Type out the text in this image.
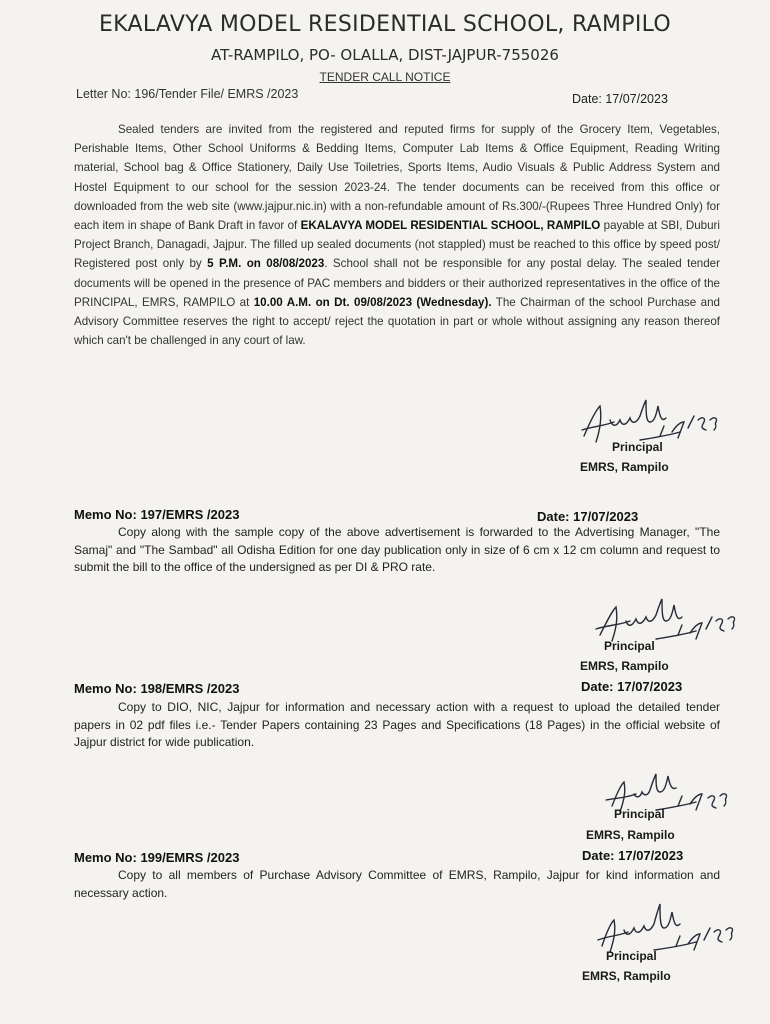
EKALAVYA MODEL RESIDENTIAL SCHOOL, RAMPILO
AT-RAMPILO, PO- OLALLA, DIST-JAJPUR-755026
TENDER CALL NOTICE
Letter No: 196/Tender File/ EMRS /2023	Date: 17/07/2023

Sealed tenders are invited from the registered and reputed firms for supply of the Grocery Item, Vegetables, Perishable Items, Other School Uniforms & Bedding Items, Computer Lab Items & Office Equipment, Reading Writing material, School bag & Office Stationery, Daily Use Toiletries, Sports Items, Audio Visuals & Public Address System and Hostel Equipment to our school for the session 2023-24. The tender documents can be received from this office or downloaded from the web site (www.jajpur.nic.in) with a non-refundable amount of Rs.300/-(Rupees Three Hundred Only) for each item in shape of Bank Draft in favor of EKALAVYA MODEL RESIDENTIAL SCHOOL, RAMPILO payable at SBI, Duburi Project Branch, Danagadi, Jajpur. The filled up sealed documents (not stappled) must be reached to this office by speed post/ Registered post only by 5 P.M. on 08/08/2023. School shall not be responsible for any postal delay. The sealed tender documents will be opened in the presence of PAC members and bidders or their authorized representatives in the office of the PRINCIPAL, EMRS, RAMPILO at 10.00 A.M. on Dt. 09/08/2023 (Wednesday). The Chairman of the school Purchase and Advisory Committee reserves the right to accept/ reject the quotation in part or whole without assigning any reason thereof which can't be challenged in any court of law.

Principal
EMRS, Rampilo
Memo No: 197/EMRS /2023	Date: 17/07/2023

Copy along with the sample copy of the above advertisement is forwarded to the Advertising Manager, "The Samaj" and "The Sambad" all Odisha Edition for one day publication only in size of 6 cm x 12 cm column and request to submit the bill to the office of the undersigned as per DI & PRO rate.

Principal
EMRS, Rampilo
Memo No: 198/EMRS /2023	Date: 17/07/2023

Copy to DIO, NIC, Jajpur for information and necessary action with a request to upload the detailed tender papers in 02 pdf files i.e.- Tender Papers containing 23 Pages and Specifications (18 Pages) in the official website of Jajpur district for wide publication.

Principal
EMRS, Rampilo
Memo No: 199/EMRS /2023	Date: 17/07/2023

Copy to all members of Purchase Advisory Committee of EMRS, Rampilo, Jajpur for kind information and necessary action.

Principal
EMRS, Rampilo
